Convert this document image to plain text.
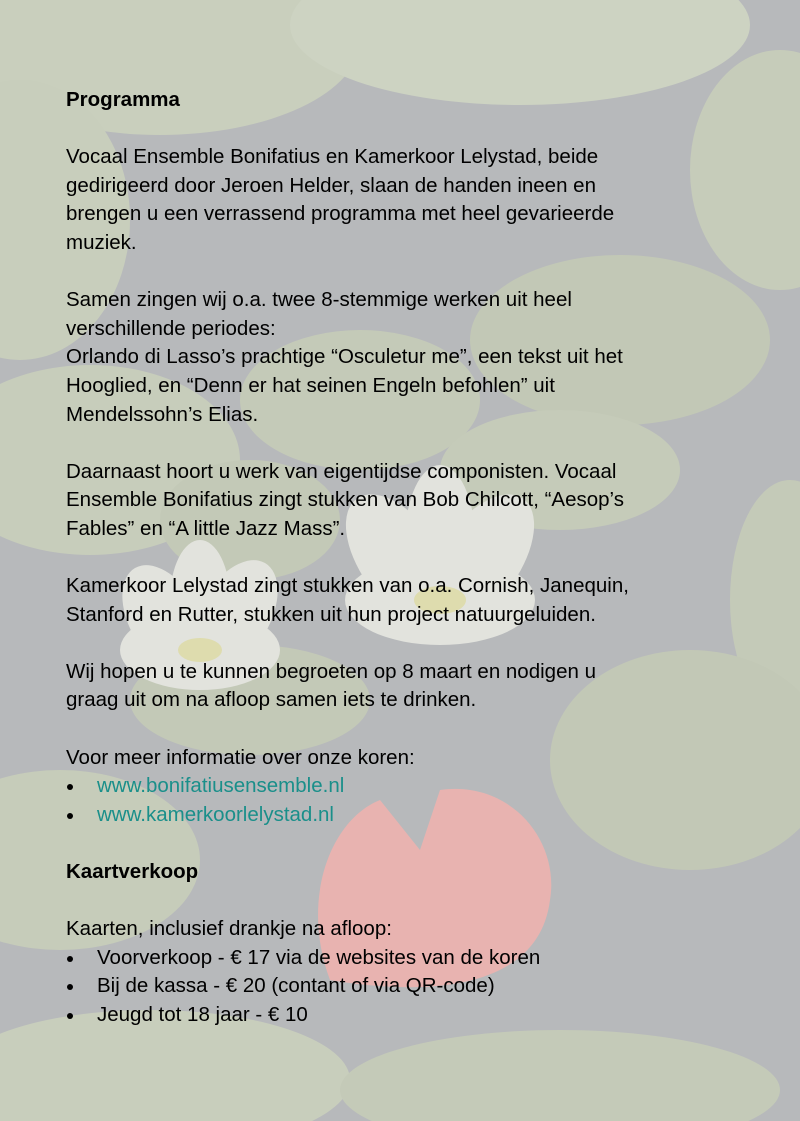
Programma

Vocaal Ensemble Bonifatius en Kamerkoor Lelystad, beide
gedirigeerd door Jeroen Helder, slaan de handen ineen en
brengen u een verrassend programma met heel gevarieerde
muziek.

Samen zingen wij o.a. twee 8-stemmige werken uit heel
verschillende periodes:
Orlando di Lasso’s prachtige “Osculetur me”, een tekst uit het
Hooglied, en “Denn er hat seinen Engeln befohlen” uit
Mendelssohn’s Elias.

Daarnaast hoort u werk van eigentijdse componisten. Vocaal
Ensemble Bonifatius zingt stukken van Bob Chilcott, “Aesop’s
Fables” en “A little Jazz Mass”.

Kamerkoor Lelystad zingt stukken van o.a. Cornish, Janequin,
Stanford en Rutter, stukken uit hun project natuurgeluiden.

Wij hopen u te kunnen begroeten op 8 maart en nodigen u
graag uit om na afloop samen iets te drinken.

Voor meer informatie over onze koren:

www.bonifatiusensemble.nl
www.kamerkoorlelystad.nl
Kaartverkoop

Kaarten, inclusief drankje na afloop:

Voorverkoop - € 17 via de websites van de koren
Bij de kassa - € 20 (contant of via QR-code)
Jeugd tot 18 jaar - € 10
